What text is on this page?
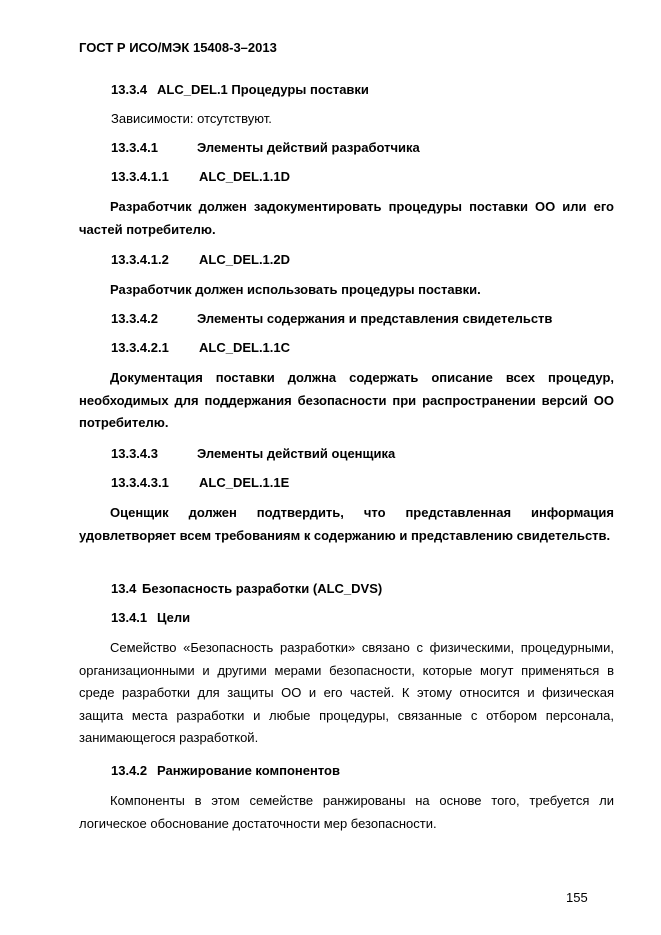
ГОСТ Р ИСО/МЭК 15408-3–2013
13.3.4 ALC_DEL.1 Процедуры поставки
Зависимости: отсутствуют.
13.3.4.1	Элементы действий разработчика
13.3.4.1.1 ALC_DEL.1.1D
Разработчик должен задокументировать процедуры поставки ОО или его частей потребителю.
13.3.4.1.2 ALC_DEL.1.2D
Разработчик должен использовать процедуры поставки.
13.3.4.2	Элементы содержания и представления свидетельств
13.3.4.2.1 ALC_DEL.1.1C
Документация поставки должна содержать описание всех процедур, необходимых для поддержания безопасности при распространении версий ОО потребителю.
13.3.4.3	Элементы действий оценщика
13.3.4.3.1 ALC_DEL.1.1E
Оценщик должен подтвердить, что представленная информация удовлетворяет всем требованиям к содержанию и представлению свидетельств.
13.4 Безопасность разработки (ALC_DVS)
13.4.1 Цели
Семейство «Безопасность разработки» связано с физическими, процедурными, организационными и другими мерами безопасности, которые могут применяться в среде разработки для защиты ОО и его частей. К этому относится и физическая защита места разработки и любые процедуры, связанные с отбором персонала, занимающегося разработкой.
13.4.2 Ранжирование компонентов
Компоненты в этом семействе ранжированы на основе того, требуется ли логическое обоснование достаточности мер безопасности.
155
